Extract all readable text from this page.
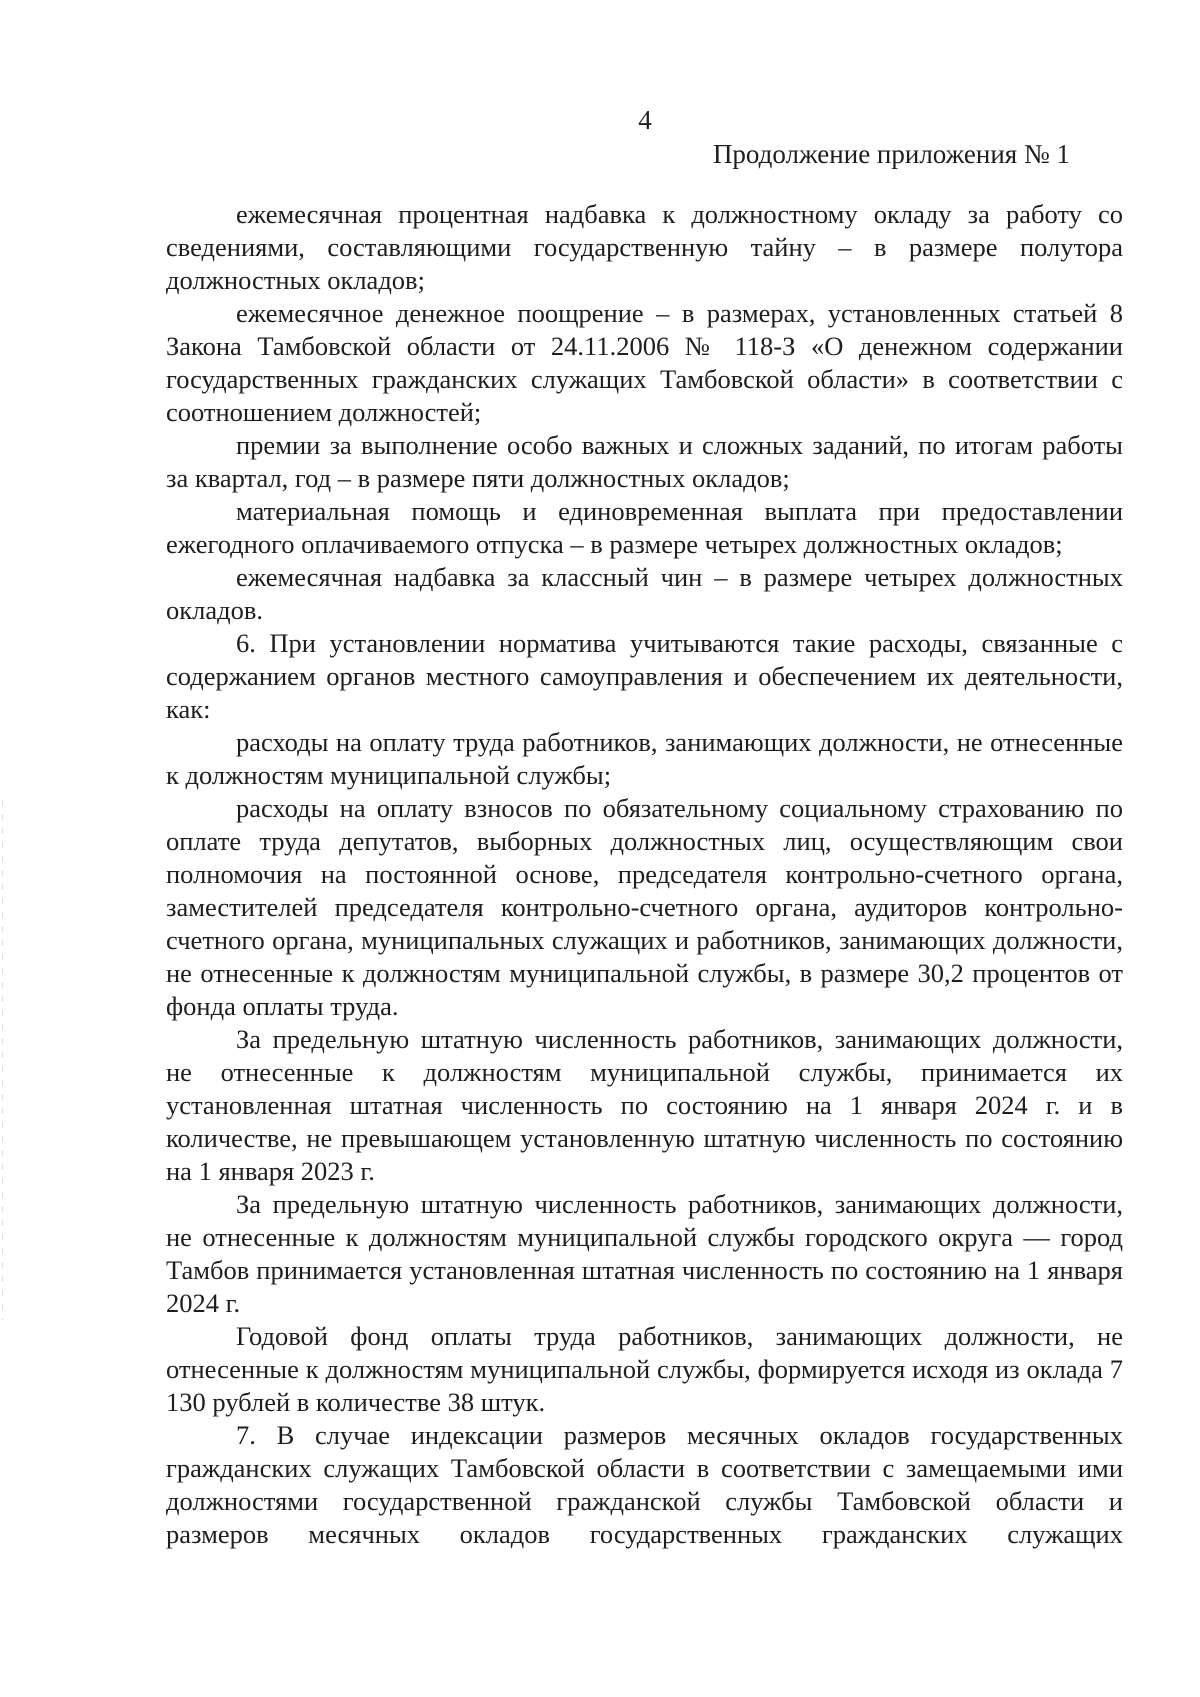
4
Продолжение приложения № 1

ежемесячная процентная надбавка к должностному окладу за работу со сведениями, составляющими государственную тайну – в размере полутора должностных окладов;

ежемесячное денежное поощрение – в размерах, установленных статьей 8 Закона Тамбовской области от 24.11.2006 № 118-З «О денежном содержании государственных гражданских служащих Тамбовской области» в соответствии с соотношением должностей;

премии за выполнение особо важных и сложных заданий, по итогам работы за квартал, год – в размере пяти должностных окладов;

материальная помощь и единовременная выплата при предоставлении ежегодного оплачиваемого отпуска – в размере четырех должностных окладов;

ежемесячная надбавка за классный чин – в размере четырех должностных окладов.

6. При установлении норматива учитываются такие расходы, связанные с содержанием органов местного самоуправления и обеспечением их деятельности, как:

расходы на оплату труда работников, занимающих должности, не отнесенные к должностям муниципальной службы;

расходы на оплату взносов по обязательному социальному страхованию по оплате труда депутатов, выборных должностных лиц, осуществляющим свои полномочия на постоянной основе, председателя контрольно-счетного органа, заместителей председателя контрольно-счетного органа, аудиторов контрольно-счетного органа, муниципальных служащих и работников, занимающих должности, не отнесенные к должностям муниципальной службы, в размере 30,2 процентов от фонда оплаты труда.

За предельную штатную численность работников, занимающих должности, не отнесенные к должностям муниципальной службы, принимается их установленная штатная численность по состоянию на 1 января 2024 г. и в количестве, не превышающем установленную штатную численность по состоянию на 1 января 2023 г.

За предельную штатную численность работников, занимающих должности, не отнесенные к должностям муниципальной службы городского округа — город Тамбов принимается установленная штатная численность по состоянию на 1 января 2024 г.

Годовой фонд оплаты труда работников, занимающих должности, не отнесенные к должностям муниципальной службы, формируется исходя из оклада 7 130 рублей в количестве 38 штук.

7. В случае индексации размеров месячных окладов государственных гражданских служащих Тамбовской области в соответствии с замещаемыми ими должностями государственной гражданской службы Тамбовской области и размеров месячных окладов государственных гражданских служащих
